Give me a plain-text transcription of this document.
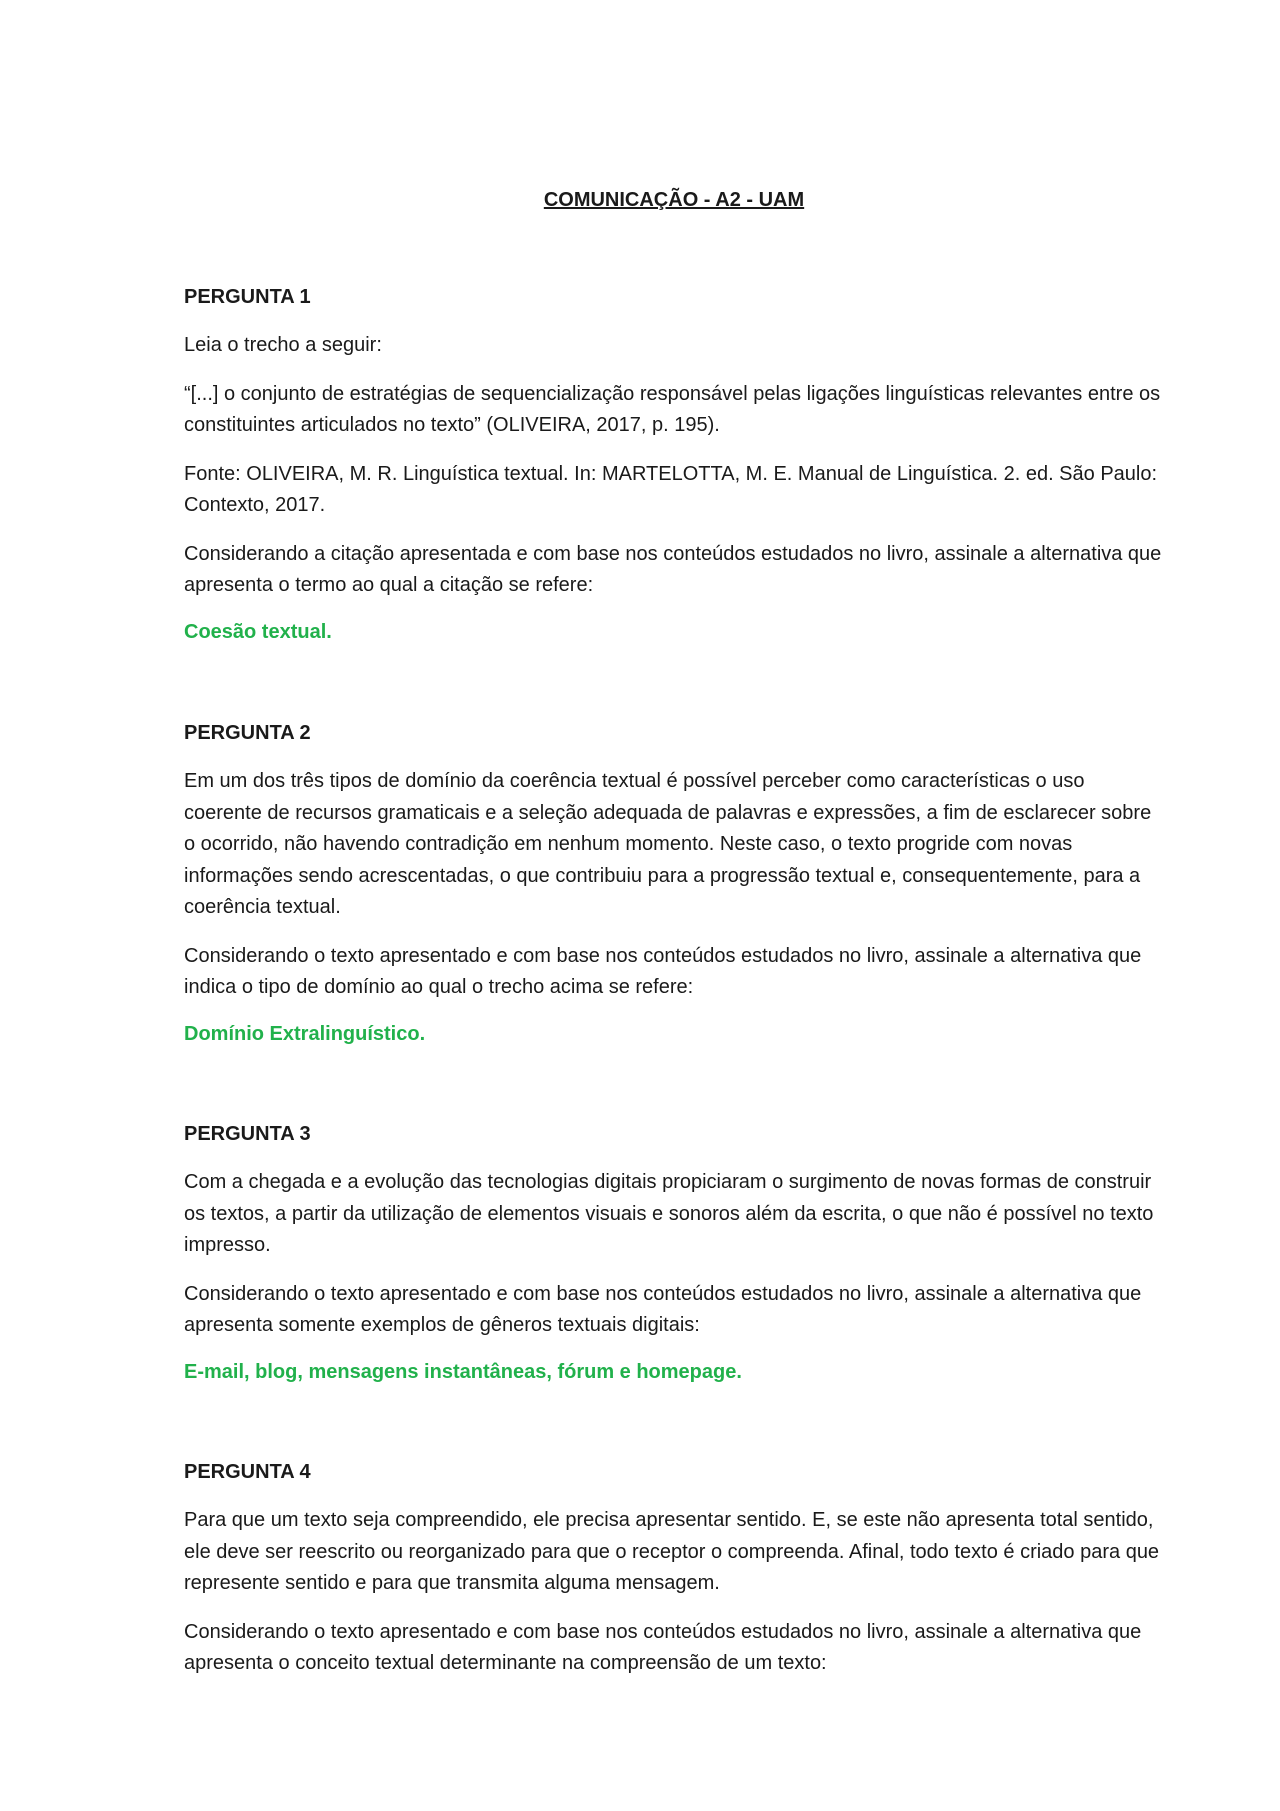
COMUNICAÇÃO - A2 - UAM
PERGUNTA 1

Leia o trecho a seguir:

“[...] o conjunto de estratégias de sequencialização responsável pelas ligações linguísticas relevantes entre os constituintes articulados no texto” (OLIVEIRA, 2017, p. 195).

Fonte: OLIVEIRA, M. R. Linguística textual. In: MARTELOTTA, M. E. Manual de Linguística. 2. ed. São Paulo: Contexto, 2017.

Considerando a citação apresentada e com base nos conteúdos estudados no livro, assinale a alternativa que apresenta o termo ao qual a citação se refere:

Coesão textual.

PERGUNTA 2

Em um dos três tipos de domínio da coerência textual é possível perceber como características o uso coerente de recursos gramaticais e a seleção adequada de palavras e expressões, a fim de esclarecer sobre o ocorrido, não havendo contradição em nenhum momento. Neste caso, o texto progride com novas informações sendo acrescentadas, o que contribuiu para a progressão textual e, consequentemente, para a coerência textual.

Considerando o texto apresentado e com base nos conteúdos estudados no livro, assinale a alternativa que indica o tipo de domínio ao qual o trecho acima se refere:

Domínio Extralinguístico.

PERGUNTA 3

Com a chegada e a evolução das tecnologias digitais propiciaram o surgimento de novas formas de construir os textos, a partir da utilização de elementos visuais e sonoros além da escrita, o que não é possível no texto impresso.

Considerando o texto apresentado e com base nos conteúdos estudados no livro, assinale a alternativa que apresenta somente exemplos de gêneros textuais digitais:

E-mail, blog, mensagens instantâneas, fórum e homepage.

PERGUNTA 4

Para que um texto seja compreendido, ele precisa apresentar sentido. E, se este não apresenta total sentido, ele deve ser reescrito ou reorganizado para que o receptor o compreenda. Afinal, todo texto é criado para que represente sentido e para que transmita alguma mensagem.

Considerando o texto apresentado e com base nos conteúdos estudados no livro, assinale a alternativa que apresenta o conceito textual determinante na compreensão de um texto:
